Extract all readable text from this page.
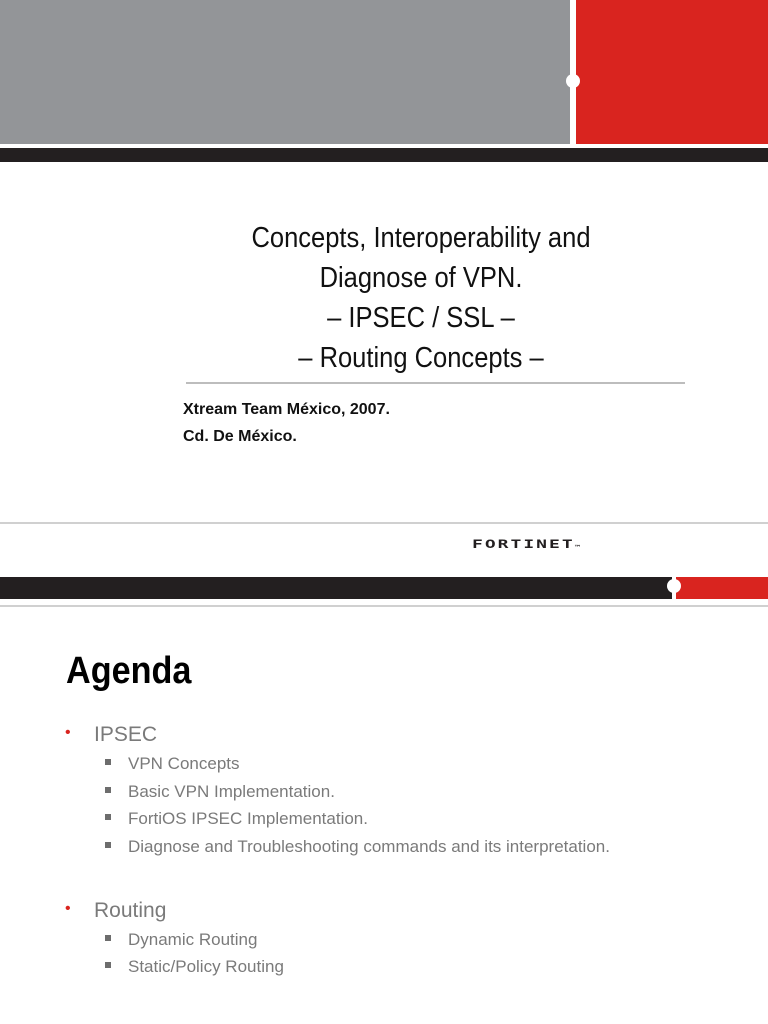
Concepts, Interoperability and
Diagnose of VPN.
– IPSEC / SSL –
– Routing Concepts –
Xtream Team México, 2007.
Cd. De México.
FORTINET™
Agenda
• IPSEC
VPN Concepts
Basic VPN Implementation.
FortiOS IPSEC Implementation.
Diagnose and Troubleshooting commands and its interpretation.
• Routing
Dynamic Routing
Static/Policy Routing
